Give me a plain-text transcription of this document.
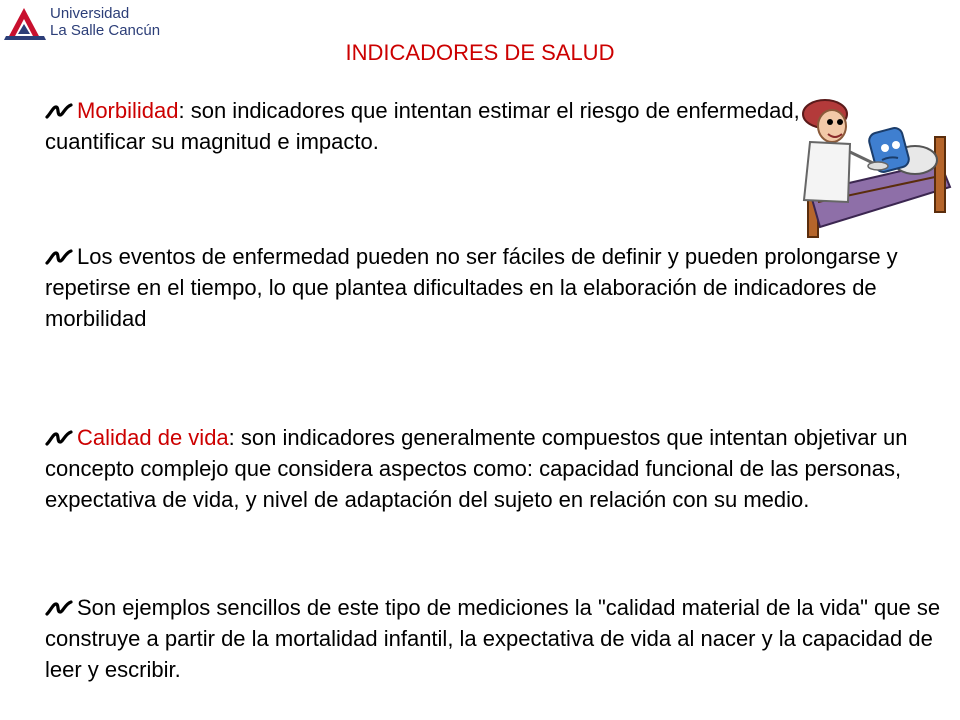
Universidad
La Salle Cancún
INDICADORES DE SALUD
Morbilidad: son indicadores que intentan estimar el riesgo de enfermedad, cuantificar su magnitud e impacto.
Los eventos de enfermedad pueden no ser fáciles de definir y pueden prolongarse y repetirse en el tiempo, lo que plantea dificultades en la elaboración de indicadores de morbilidad
Calidad de vida: son indicadores generalmente compuestos que intentan objetivar un concepto complejo que considera aspectos como: capacidad funcional de las personas, expectativa de vida, y nivel de adaptación del sujeto en relación con su medio.
Son ejemplos sencillos de este tipo de mediciones la "calidad material de la vida" que se construye a partir de la mortalidad infantil, la expectativa de vida al nacer y la capacidad de leer y escribir.
